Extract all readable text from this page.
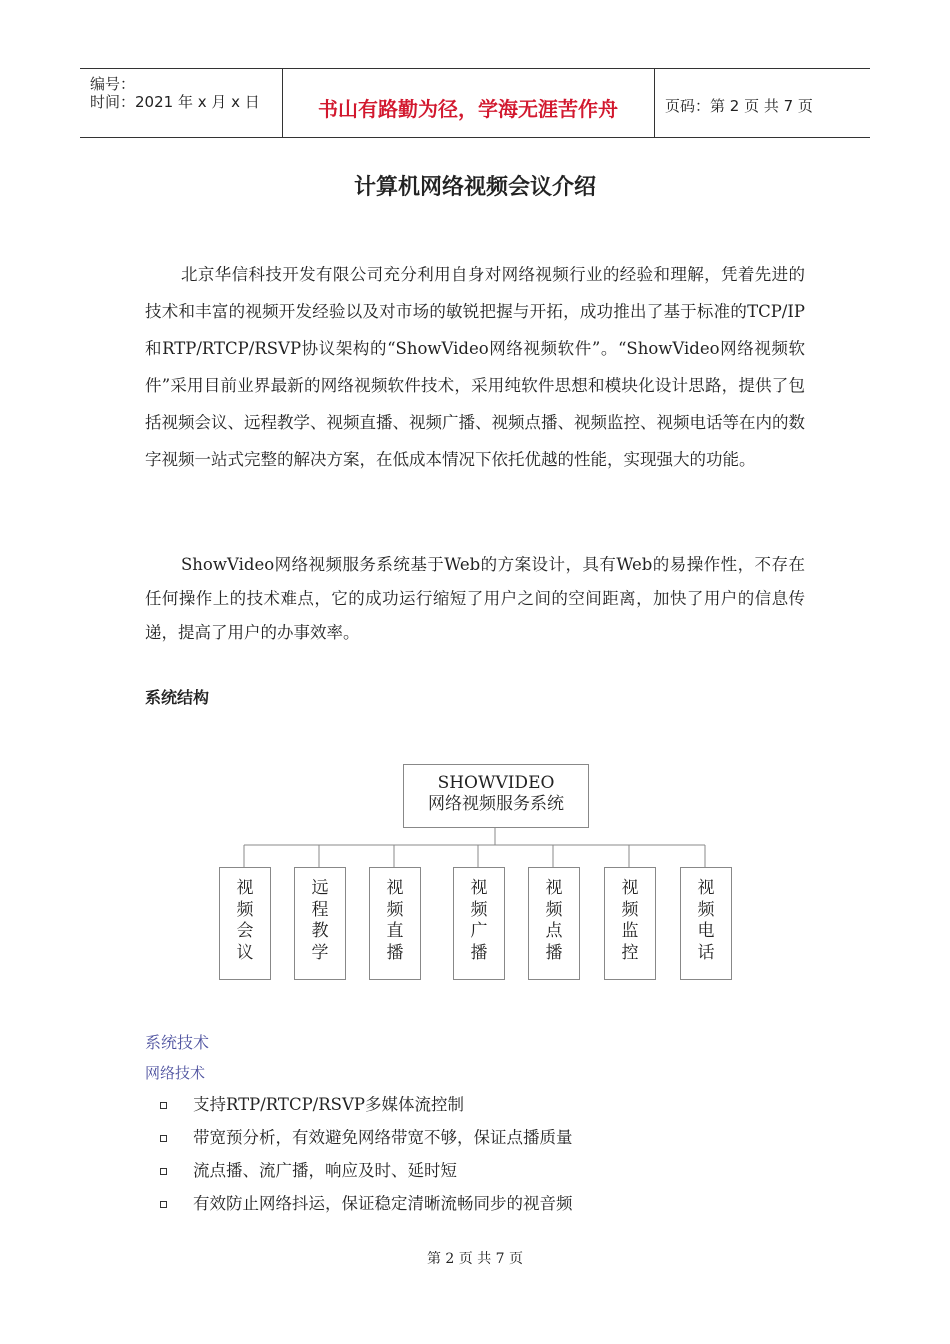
编号：
时间：2021 年 x 月 x 日	书山有路勤为径，学海无涯苦作舟	页码：第 2 页 共 7 页
计算机网络视频会议介绍

北京华信科技开发有限公司充分利用自身对网络视频行业的经验和理解，凭着先进的技术和丰富的视频开发经验以及对市场的敏锐把握与开拓，成功推出了基于标准的TCP/IP和RTP/RTCP/RSVP协议架构的“ShowVideo网络视频软件”。“ShowVideo网络视频软件”采用目前业界最新的网络视频软件技术，采用纯软件思想和模块化设计思路，提供了包括视频会议、远程教学、视频直播、视频广播、视频点播、视频监控、视频电话等在内的数字视频一站式完整的解决方案，在低成本情况下依托优越的性能，实现强大的功能。

ShowVideo网络视频服务系统基于Web的方案设计，具有Web的易操作性，不存在任何操作上的技术难点，它的成功运行缩短了用户之间的空间距离，加快了用户的信息传递，提高了用户的办事效率。

系统结构
SHOWVIDEO
网络视频服务系统
视频会议
远程教学
视频直播
视频广播
视频点播
视频监控
视频电话
系统技术
网络技术
支持RTP/RTCP/RSVP多媒体流控制
带宽预分析，有效避免网络带宽不够，保证点播质量
流点播、流广播，响应及时、延时短
有效防止网络抖运，保证稳定清晰流畅同步的视音频
第 2 页 共 7 页
